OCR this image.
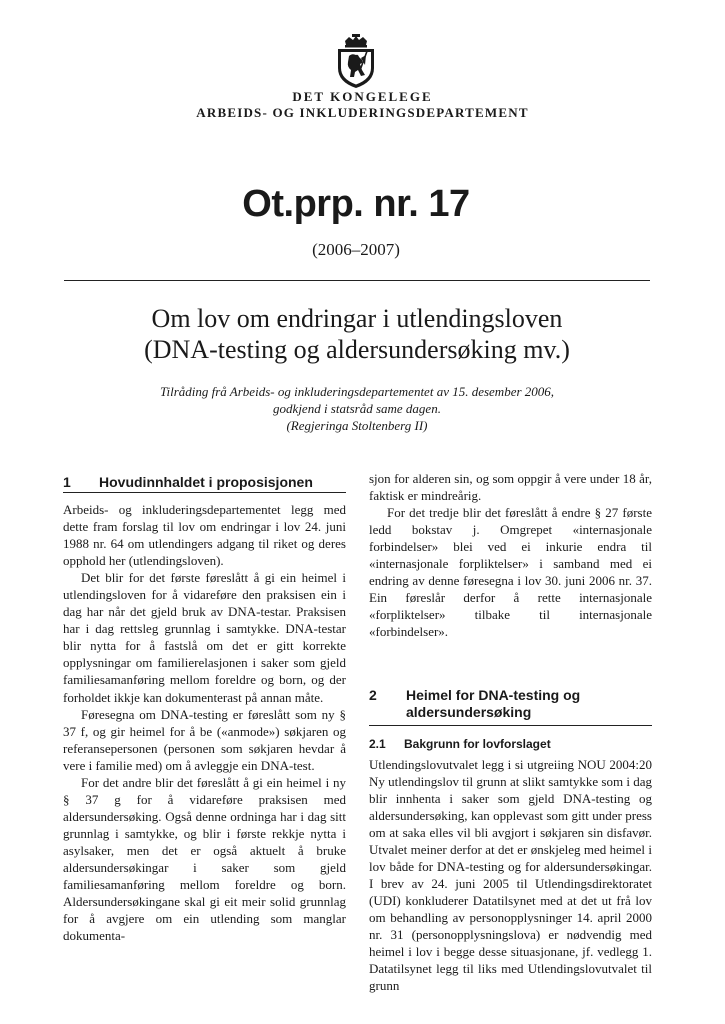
DET KONGELEGE
ARBEIDS- OG INKLUDERINGSDEPARTEMENT
Ot.prp. nr. 17
(2006–2007)
Om lov om endringar i utlendingsloven
(DNA-testing og aldersundersøking mv.)
Tilråding frå Arbeids- og inkluderingsdepartementet av 15. desember 2006,
godkjend i statsråd same dagen.
(Regjeringa Stoltenberg II)
1 Hovudinnhaldet i proposisjonen

Arbeids- og inkluderingsdepartementet legg med dette fram forslag til lov om endringar i lov 24. juni 1988 nr. 64 om utlendingers adgang til riket og deres opphold her (utlendingsloven).

Det blir for det første føreslått å gi ein heimel i utlendingsloven for å vidareføre den praksisen ein i dag har når det gjeld bruk av DNA-testar. Praksisen har i dag rettsleg grunnlag i samtykke. DNA-testar blir nytta for å fastslå om det er gitt korrekte opplysningar om familierelasjonen i saker som gjeld familiesamanføring mellom foreldre og born, og der forholdet ikkje kan dokumenterast på annan måte.

Føresegna om DNA-testing er føreslått som ny § 37 f, og gir heimel for å be («anmode») søkjaren og referansepersonen (personen som søkjaren hevdar å vere i familie med) om å avleggje ein DNA-test.

For det andre blir det føreslått å gi ein heimel i ny § 37 g for å vidareføre praksisen med aldersundersøking. Også denne ordninga har i dag sitt grunnlag i samtykke, og blir i første rekkje nytta i asylsaker, men det er også aktuelt å bruke aldersundersøkingar i saker som gjeld familiesamanføring mellom foreldre og born. Aldersundersøkingane skal gi eit meir solid grunnlag for å avgjere om ein utlending som manglar dokumenta-

sjon for alderen sin, og som oppgir å vere under 18 år, faktisk er mindreårig.

For det tredje blir det føreslått å endre § 27 første ledd bokstav j. Omgrepet «internasjonale forbindelser» blei ved ei inkurie endra til «internasjonale forpliktelser» i samband med ei endring av denne føresegna i lov 30. juni 2006 nr. 37. Ein føreslår derfor å rette internasjonale «forpliktelser» tilbake til internasjonale «forbindelser».

2 Heimel for DNA-testing og aldersundersøking
2.1 Bakgrunn for lovforslaget

Utlendingslovutvalet legg i si utgreiing NOU 2004:20 Ny utlendingslov til grunn at slikt samtykke som i dag blir innhenta i saker som gjeld DNA-testing og aldersundersøking, kan opplevast som gitt under press om at saka elles vil bli avgjort i søkjaren sin disfavør. Utvalet meiner derfor at det er ønskjeleg med heimel i lov både for DNA-testing og for aldersundersøkingar. I brev av 24. juni 2005 til Utlendingsdirektoratet (UDI) konkluderer Datatilsynet med at det ut frå lov om behandling av personopplysninger 14. april 2000 nr. 31 (personopplysningslova) er nødvendig med heimel i lov i begge desse situasjonane, jf. vedlegg 1. Datatilsynet legg til liks med Utlendingslovutvalet til grunn
